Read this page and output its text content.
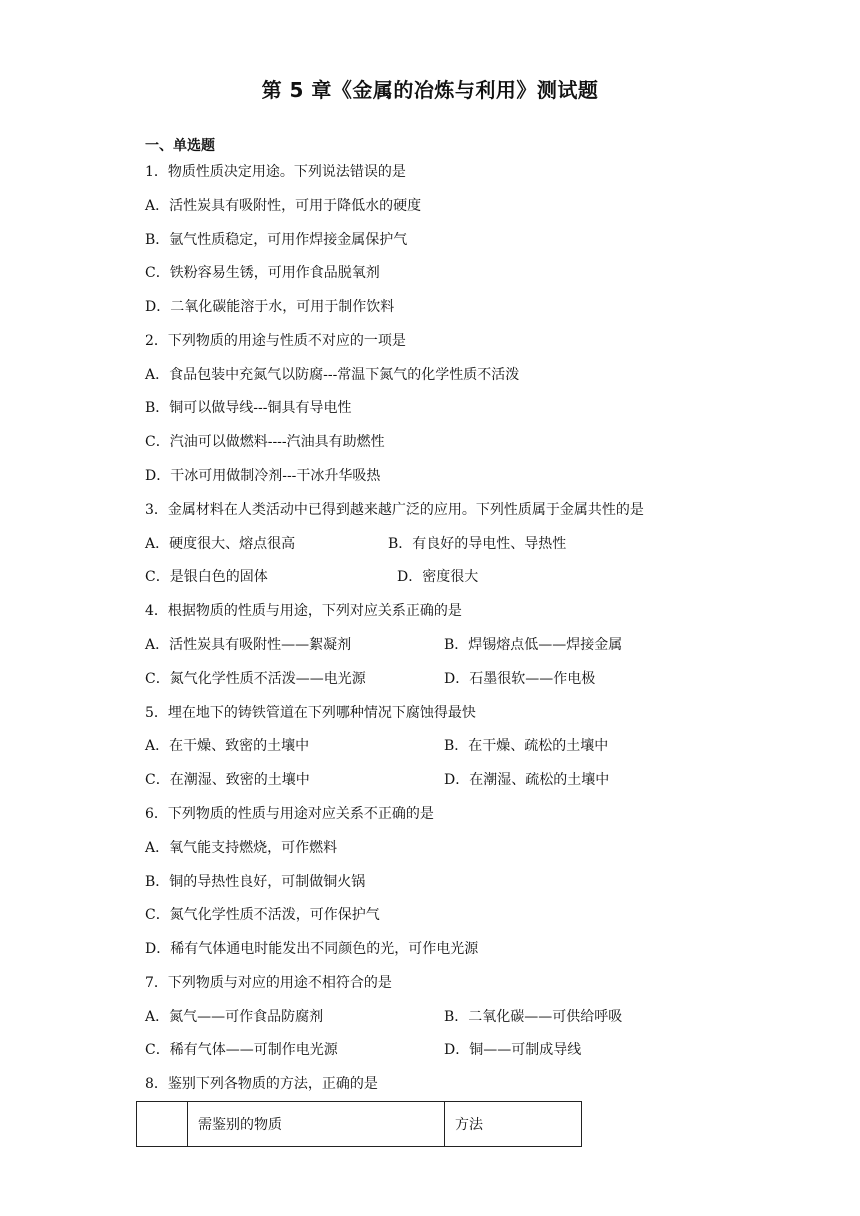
第 5 章《金属的冶炼与利用》测试题
一、单选题
1．物质性质决定用途。下列说法错误的是
A．活性炭具有吸附性，可用于降低水的硬度
B．氩气性质稳定，可用作焊接金属保护气
C．铁粉容易生锈，可用作食品脱氧剂
D．二氧化碳能溶于水，可用于制作饮料
2．下列物质的用途与性质不对应的一项是
A．食品包装中充氮气以防腐---常温下氮气的化学性质不活泼
B．铜可以做导线---铜具有导电性
C．汽油可以做燃料----汽油具有助燃性
D．干冰可用做制冷剂---干冰升华吸热
3．金属材料在人类活动中已得到越来越广泛的应用。下列性质属于金属共性的是
A．硬度很大、熔点很高	B．有良好的导电性、导热性
C．是银白色的固体	D．密度很大
4．根据物质的性质与用途，下列对应关系正确的是
A．活性炭具有吸附性——絮凝剂	B．焊锡熔点低——焊接金属
C．氮气化学性质不活泼——电光源	D．石墨很软——作电极
5．埋在地下的铸铁管道在下列哪种情况下腐蚀得最快
A．在干燥、致密的土壤中	B．在干燥、疏松的土壤中
C．在潮湿、致密的土壤中	D．在潮湿、疏松的土壤中
6．下列物质的性质与用途对应关系不正确的是
A．氧气能支持燃烧，可作燃料
B．铜的导热性良好，可制做铜火锅
C．氮气化学性质不活泼，可作保护气
D．稀有气体通电时能发出不同颜色的光，可作电光源
7．下列物质与对应的用途不相符合的是
A．氮气——可作食品防腐剂	B．二氧化碳——可供给呼吸
C．稀有气体——可制作电光源	D．铜——可制成导线
8．鉴别下列各物质的方法，正确的是
	需鉴别的物质	方法
